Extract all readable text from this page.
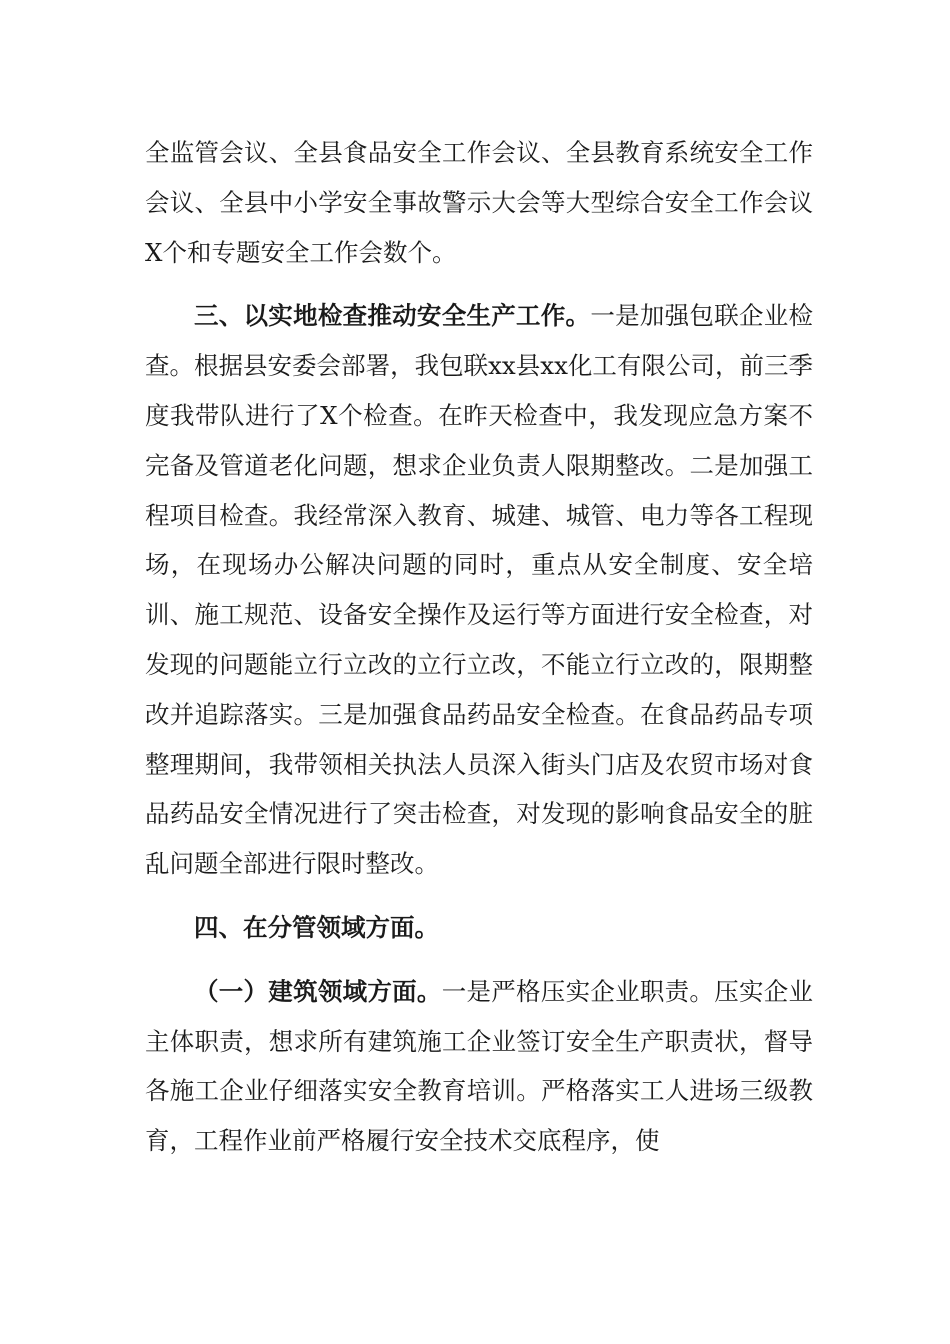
全监管会议、全县食品安全工作会议、全县教育系统安全工作会议、全县中小学安全事故警示大会等大型综合安全工作会议X个和专题安全工作会数个。

三、以实地检查推动安全生产工作。一是加强包联企业检查。根据县安委会部署，我包联xx县xx化工有限公司，前三季度我带队进行了X个检查。在昨天检查中，我发现应急方案不完备及管道老化问题，想求企业负责人限期整改。二是加强工程项目检查。我经常深入教育、城建、城管、电力等各工程现场，在现场办公解决问题的同时，重点从安全制度、安全培训、施工规范、设备安全操作及运行等方面进行安全检查，对发现的问题能立行立改的立行立改，不能立行立改的，限期整改并追踪落实。三是加强食品药品安全检查。在食品药品专项整理期间，我带领相关执法人员深入街头门店及农贸市场对食品药品安全情况进行了突击检查，对发现的影响食品安全的脏乱问题全部进行限时整改。

四、在分管领域方面。

（一）建筑领域方面。一是严格压实企业职责。压实企业主体职责，想求所有建筑施工企业签订安全生产职责状，督导各施工企业仔细落实安全教育培训。严格落实工人进场三级教育，工程作业前严格履行安全技术交底程序，使
